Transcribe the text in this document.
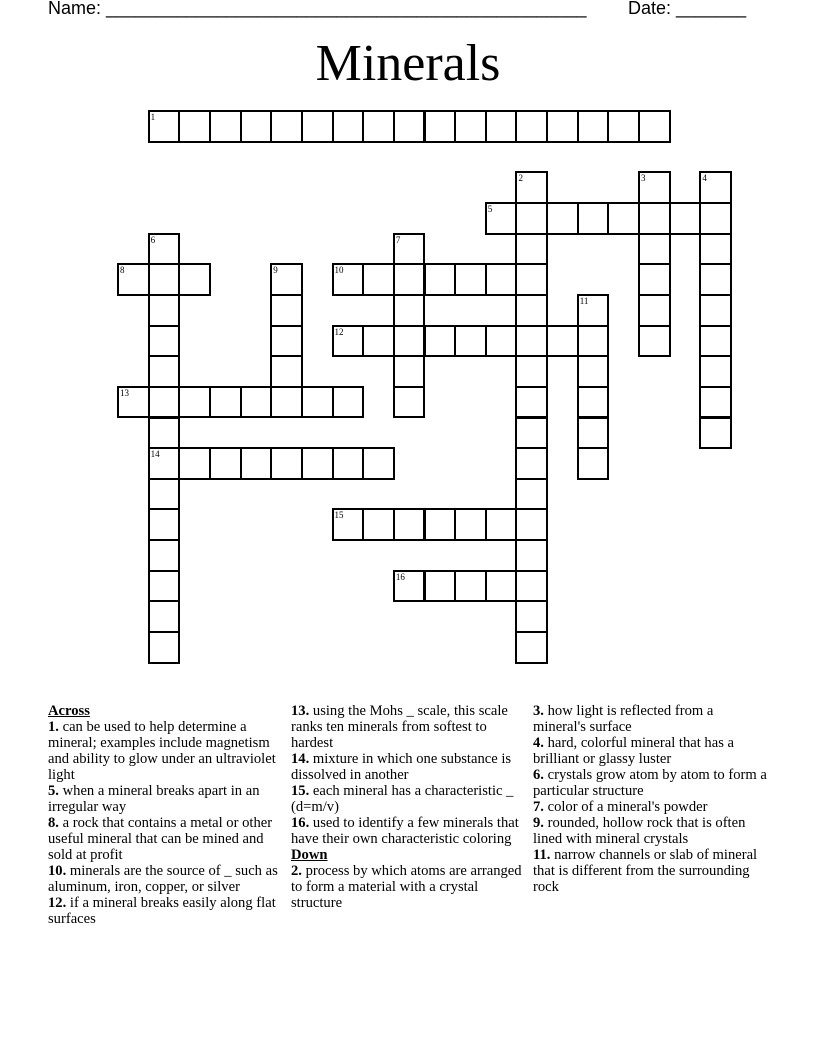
Name: ________________________________________________ Date: _______
Minerals
1
2	3	4
5
6
14
7
8	9	10
11
12
13
15
16
Across
1. can be used to help determine a mineral; examples include magnetism and ability to glow under an ultraviolet light
5. when a mineral breaks apart in an irregular way
8. a rock that contains a metal or other useful mineral that can be mined and sold at profit
10. minerals are the source of _ such as aluminum, iron, copper, or silver
12. if a mineral breaks easily along flat surfaces
13. using the Mohs _ scale, this scale ranks ten minerals from softest to hardest
14. mixture in which one substance is dissolved in another
15. each mineral has a characteristic _ (d=m/v)
16. used to identify a few minerals that have their own characteristic coloring
Down
2. process by which atoms are arranged to form a material with a crystal structure
3. how light is reflected from a mineral's surface
4. hard, colorful mineral that has a brilliant or glassy luster
6. crystals grow atom by atom to form a particular structure
7. color of a mineral's powder
9. rounded, hollow rock that is often lined with mineral crystals
11. narrow channels or slab of mineral that is different from the surrounding rock
